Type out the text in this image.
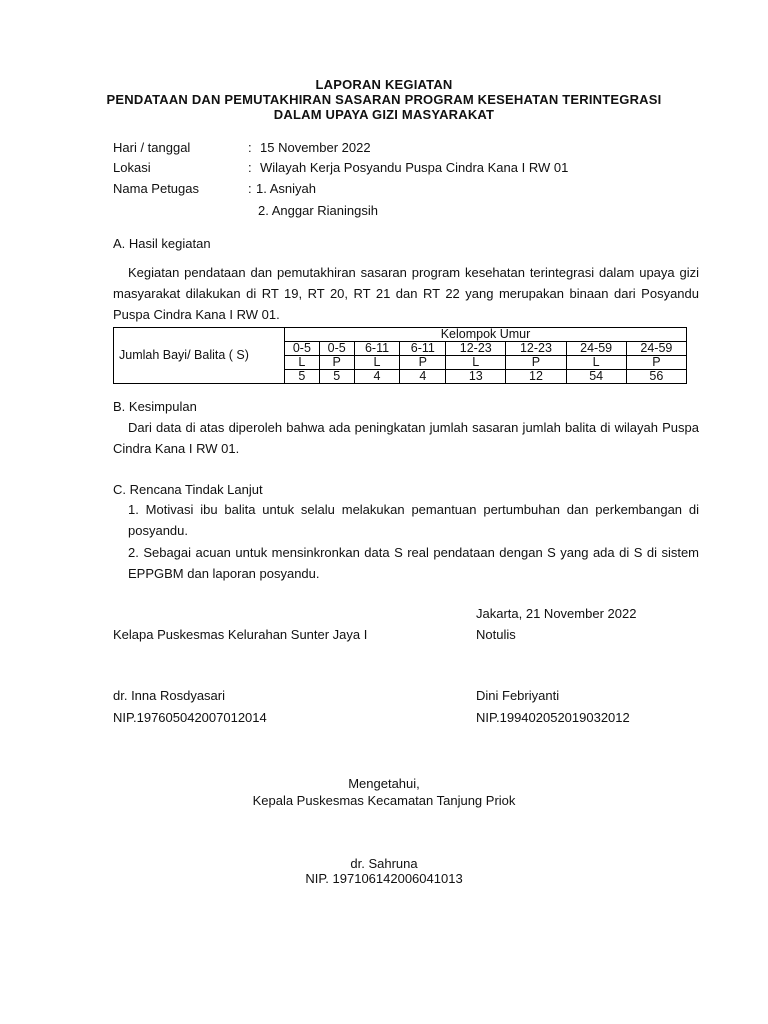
LAPORAN KEGIATAN
PENDATAAN DAN PEMUTAKHIRAN SASARAN PROGRAM KESEHATAN TERINTEGRASI
DALAM UPAYA GIZI MASYARAKAT
Hari / tanggal	: 15 November 2022
Lokasi	: Wilayah Kerja Posyandu Puspa Cindra Kana I RW 01
Nama Petugas	: 1. Asniyah
2. Anggar Rianingsih
A. Hasil kegiatan
Kegiatan pendataan dan pemutakhiran sasaran program kesehatan terintegrasi dalam upaya gizi masyarakat dilakukan di RT 19, RT 20, RT 21 dan RT 22 yang merupakan binaan dari Posyandu Puspa Cindra Kana I RW 01.
Jumlah Bayi/ Balita ( S)	Kelompok Umur							
	0-5	0-5	6-11	6-11	12-23	12-23	24-59	24-59
	L	P	L	P	L	P	L	P
	5	5	4	4	13	12	54	56
B. Kesimpulan
Dari data di atas diperoleh bahwa ada peningkatan jumlah sasaran jumlah balita di wilayah Puspa Cindra Kana I RW 01.
C. Rencana Tindak Lanjut
1. Motivasi ibu balita untuk selalu melakukan pemantuan pertumbuhan dan perkembangan di posyandu.
2. Sebagai acuan untuk mensinkronkan data S real pendataan dengan S yang ada di S di sistem EPPGBM dan laporan posyandu.
Jakarta, 21 November 2022
Kelapa Puskesmas Kelurahan Sunter Jaya I	Notulis
dr. Inna Rosdyasari
NIP.197605042007012014
Dini Febriyanti
NIP.199402052019032012
Mengetahui,
Kepala Puskesmas Kecamatan Tanjung Priok
dr. Sahruna
NIP. 197106142006041013
